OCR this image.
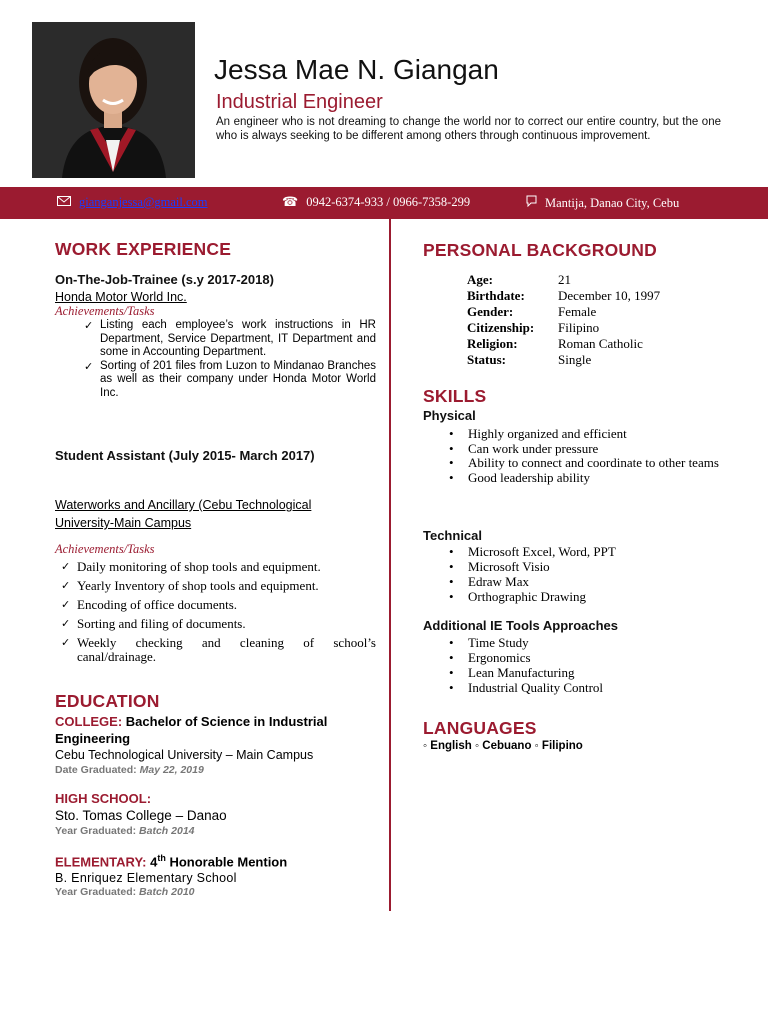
Jessa Mae N. Giangan
Industrial Engineer
An engineer who is not dreaming to change the world nor to correct our entire country, but the one who is always seeking to be different among others through continuous improvement.
gianganjessa@gmail.com	☎ 0942-6374-933 / 0966-7358-299	Mantija, Danao City, Cebu
WORK EXPERIENCE
On-The-Job-Trainee (s.y 2017-2018)
Honda Motor World Inc.
Achievements/Tasks
✓ Listing each employee’s work instructions in HR Department, Service Department, IT Department and some in Accounting Department.
✓ Sorting of 201 files from Luzon to Mindanao Branches as well as their company under Honda Motor World Inc.
Student Assistant (July 2015- March 2017)
Waterworks and Ancillary (Cebu Technological University-Main Campus
Achievements/Tasks
✓ Daily monitoring of shop tools and equipment.
✓ Yearly Inventory of shop tools and equipment.
✓ Encoding of office documents.
✓ Sorting and filing of documents.
✓ Weekly checking and cleaning of school’s canal/drainage.
EDUCATION
COLLEGE: Bachelor of Science in Industrial Engineering
Cebu Technological University – Main Campus
Date Graduated: May 22, 2019
HIGH SCHOOL:
Sto. Tomas College – Danao
Year Graduated: Batch 2014
ELEMENTARY: 4th Honorable Mention
B. Enriquez Elementary School
Year Graduated: Batch 2010
PERSONAL BACKGROUND
Age:	21
Birthdate:	December 10, 1997
Gender:	Female
Citizenship:	Filipino
Religion:	Roman Catholic
Status:	Single
SKILLS
Physical
• Highly organized and efficient
• Can work under pressure
• Ability to connect and coordinate to other teams
• Good leadership ability
Technical
• Microsoft Excel, Word, PPT
• Microsoft Visio
• Edraw Max
• Orthographic Drawing
Additional IE Tools Approaches
• Time Study
• Ergonomics
• Lean Manufacturing
• Industrial Quality Control
LANGUAGES
◦ English ◦ Cebuano ◦ Filipino
